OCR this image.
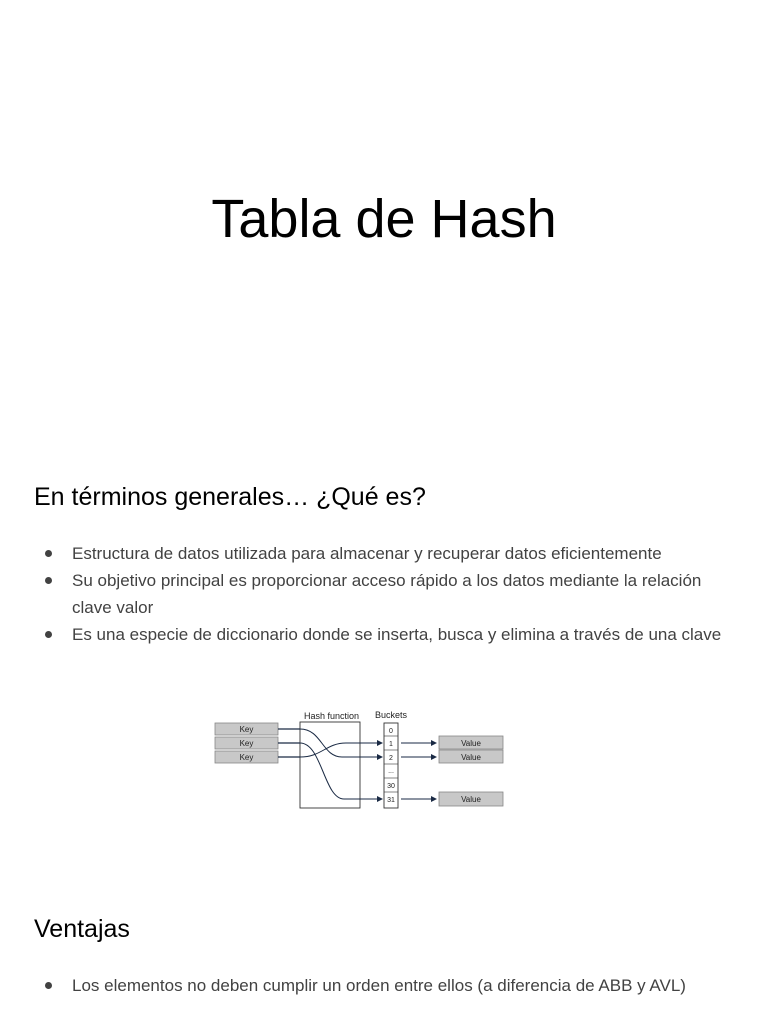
Tabla de Hash
En términos generales… ¿Qué es?
Estructura de datos utilizada para almacenar y recuperar datos eficientemente
Su objetivo principal es proporcionar acceso rápido a los datos mediante la relación clave valor
Es una especie de diccionario donde se inserta, busca y elimina a través de una clave
Hash function Buckets
Key
Key
Key
0
1
2
...
30
31
Value
Value
Value
Ventajas
Los elementos no deben cumplir un orden entre ellos (a diferencia de ABB y AVL)
